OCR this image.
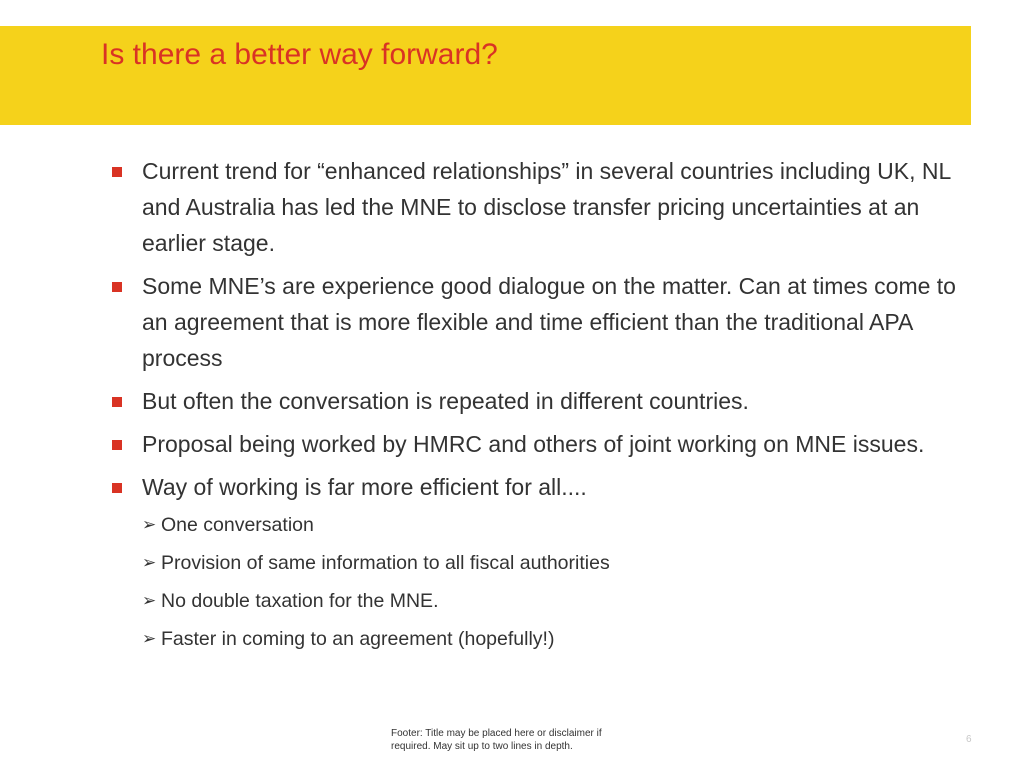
Is there a better way forward?
Current trend for “enhanced relationships” in several countries including UK, NL and Australia has led the MNE to disclose transfer pricing uncertainties at an earlier stage.
Some MNE’s are experience good dialogue on the matter. Can at times come to an agreement that is more flexible and time efficient than the traditional APA process
But often the conversation is repeated in different countries.
Proposal being worked by HMRC and others of joint working on MNE issues.
Way of working is far more efficient for all....
➢ One conversation
➢ Provision of same information to all fiscal authorities
➢ No double taxation for the MNE.
➢ Faster in coming to an agreement (hopefully!)
Footer: Title may be placed here or disclaimer if required. May sit up to two lines in depth.
6
